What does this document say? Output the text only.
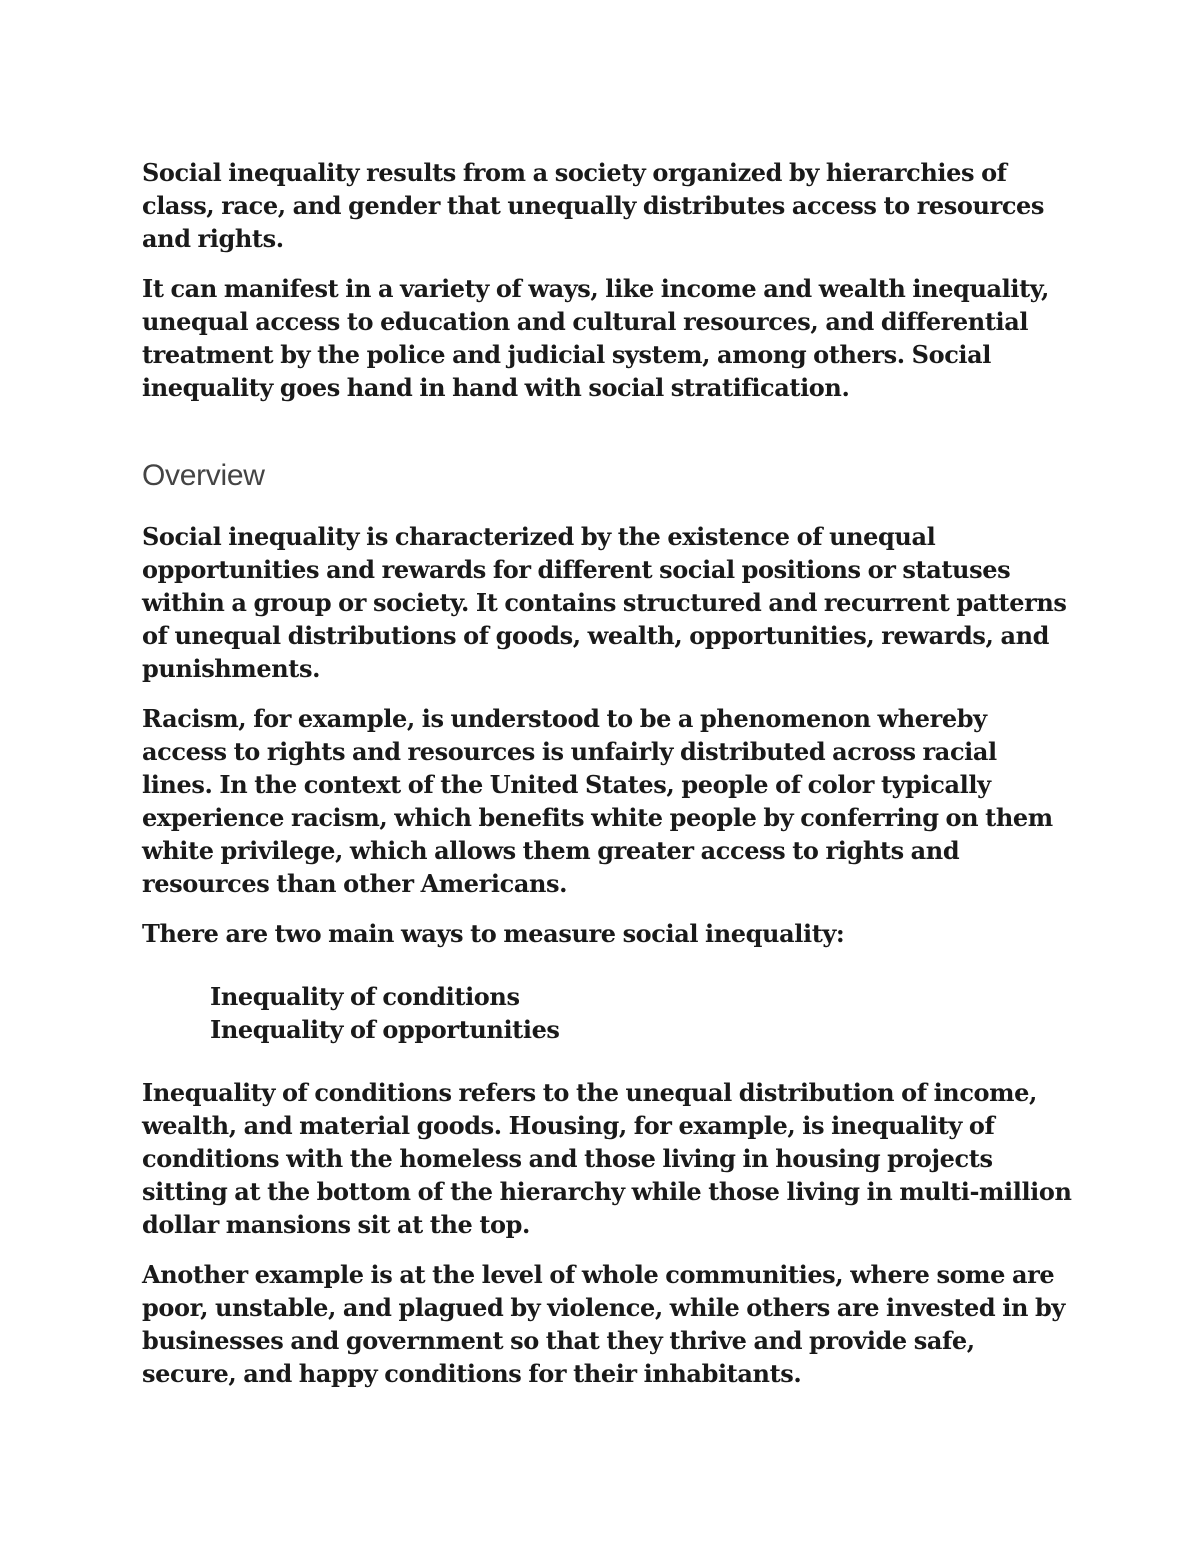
Social inequality results from a society organized by hierarchies of class, race, and gender that unequally distributes access to resources and rights.

It can manifest in a variety of ways, like income and wealth inequality, unequal access to education and cultural resources, and differential treatment by the police and judicial system, among others. Social inequality goes hand in hand with social stratification.

Overview

Social inequality is characterized by the existence of unequal opportunities and rewards for different social positions or statuses within a group or society. It contains structured and recurrent patterns of unequal distributions of goods, wealth, opportunities, rewards, and punishments.

Racism, for example, is understood to be a phenomenon whereby access to rights and resources is unfairly distributed across racial lines. In the context of the United States, people of color typically experience racism, which benefits white people by conferring on them white privilege, which allows them greater access to rights and resources than other Americans.

There are two main ways to measure social inequality:

Inequality of conditions
Inequality of opportunities

Inequality of conditions refers to the unequal distribution of income, wealth, and material goods. Housing, for example, is inequality of conditions with the homeless and those living in housing projects sitting at the bottom of the hierarchy while those living in multi-million dollar mansions sit at the top.

Another example is at the level of whole communities, where some are poor, unstable, and plagued by violence, while others are invested in by businesses and government so that they thrive and provide safe, secure, and happy conditions for their inhabitants.
